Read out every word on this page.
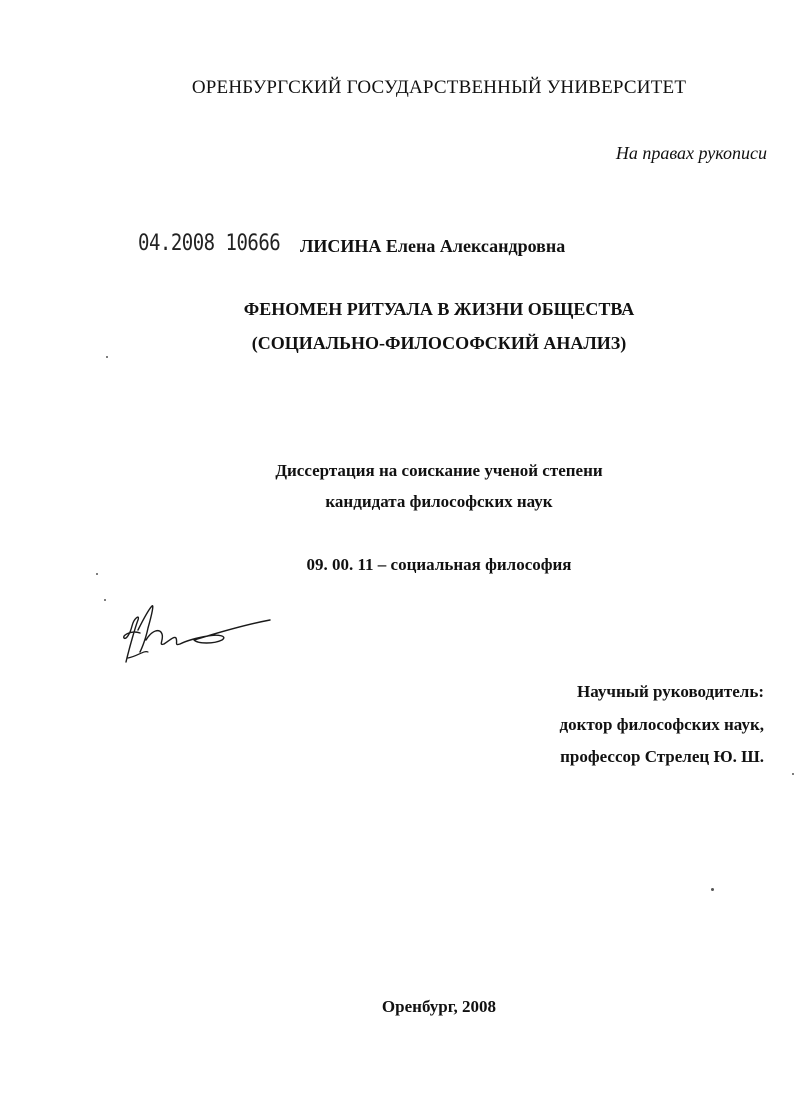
ОРЕНБУРГСКИЙ ГОСУДАРСТВЕННЫЙ УНИВЕРСИТЕТ
На правах рукописи
04.2008 10666 ЛИСИНА Елена Александровна
ФЕНОМЕН РИТУАЛА В ЖИЗНИ ОБЩЕСТВА
(СОЦИАЛЬНО-ФИЛОСОФСКИЙ АНАЛИЗ)
Диссертация на соискание ученой степени
кандидата философских наук
09. 00. 11 – социальная философия
Научный руководитель:
доктор философских наук,
профессор Стрелец Ю. Ш.
Оренбург, 2008
